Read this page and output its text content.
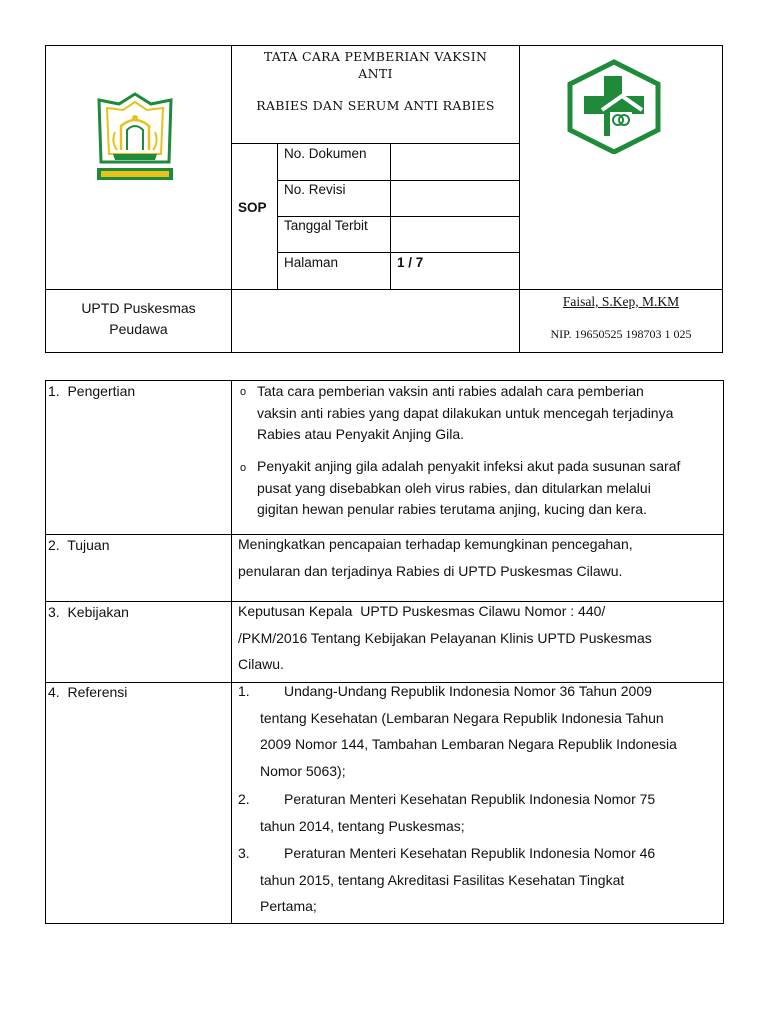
TATA CARA PEMBERIAN VAKSIN
ANTI
RABIES DAN SERUM ANTI RABIES
SOP
No. Dokumen
No. Revisi
Tanggal Terbit
Halaman	1 / 7
UPTD Puskesmas
Peudawa
Faisal, S.Kep, M.KM
NIP. 19650525 198703 1 025
1.  Pengertian	o Tata cara pemberian vaksin anti rabies adalah cara pemberian
vaksin anti rabies yang dapat dilakukan untuk mencegah terjadinya
Rabies atau Penyakit Anjing Gila.
o Penyakit anjing gila adalah penyakit infeksi akut pada susunan saraf
pusat yang disebabkan oleh virus rabies, dan ditularkan melalui
gigitan hewan penular rabies terutama anjing, kucing dan kera.
2.  Tujuan	Meningkatkan pencapaian terhadap kemungkinan pencegahan,
penularan dan terjadinya Rabies di UPTD Puskesmas Cilawu.
3.  Kebijakan	Keputusan Kepala  UPTD Puskesmas Cilawu Nomor : 440/
/PKM/2016 Tentang Kebijakan Pelayanan Klinis UPTD Puskesmas
Cilawu.
4.  Referensi	1.	Undang-Undang Republik Indonesia Nomor 36 Tahun 2009
tentang Kesehatan (Lembaran Negara Republik Indonesia Tahun
2009 Nomor 144, Tambahan Lembaran Negara Republik Indonesia
Nomor 5063);
2.	Peraturan Menteri Kesehatan Republik Indonesia Nomor 75
tahun 2014, tentang Puskesmas;
3.	Peraturan Menteri Kesehatan Republik Indonesia Nomor 46
tahun 2015, tentang Akreditasi Fasilitas Kesehatan Tingkat
Pertama;
